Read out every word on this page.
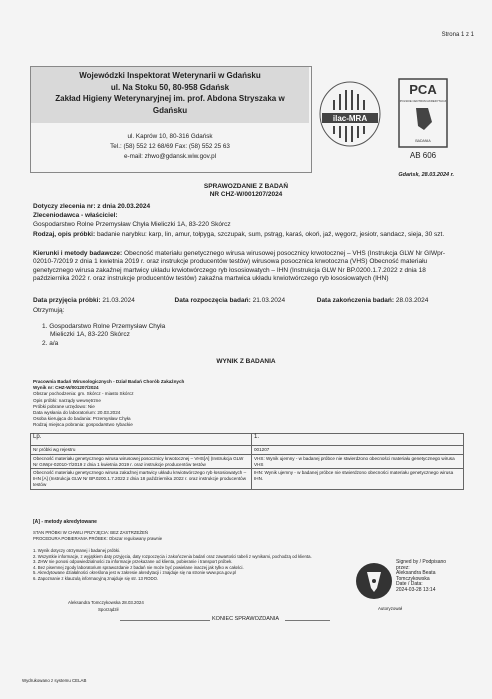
Strona 1 z 1
Wojewódzki Inspektorat Weterynarii w Gdańsku
ul. Na Stoku 50, 80-958 Gdańsk
Zakład Higieny Weterynaryjnej im. prof. Abdona Stryszaka w
Gdańsku
ul. Kaprów 10, 80-316 Gdańsk
Tel.: (58) 552 12 68/69 Fax: (58) 552 25 63
e-mail: zhwo@gdansk.wiw.gov.pl
ilac-MRA
PCA
POLSKIE CENTRUM AKREDYTACJI
BADANIA
AB 606
Gdańsk, 28.03.2024 r.
SPRAWOZDANIE Z BADAŃ
NR CHZ-W/001207/2024
Dotyczy zlecenia nr: z dnia 20.03.2024
Zleceniodawca - właściciel:
Gospodarstwo Rolne Przemysław Chyła Mieliczki 1A, 83-220 Skórcz
Rodzaj, opis próbki: badanie narybku: karp, lin, amur, tołpyga, szczupak, sum, pstrąg, karaś, okoń, jaź, węgorz, jesiotr, sandacz, sieja, 30 szt.
Kierunki i metody badawcze: Obecność materiału genetycznego wirusa wirusowej posocznicy krwotocznej – VHS (Instrukcja GLW Nr GIWpr-02010-7/2019 z dnia 1 kwietnia 2019 r. oraz instrukcje producentów testów) wirusowa posocznica krwotoczna (VHS) Obecność materiału genetycznego wirusa zakaźnej martwicy układu krwiotwórczego ryb łososiowatych – IHN (Instrukcja GLW Nr BP.0200.1.7.2022 z dnia 18 października 2022 r. oraz instrukcje producentów testów) zakaźna martwica układu krwiotwórczego ryb łososiowatych (IHN)
Data przyjęcia próbki: 21.03.2024	Data rozpoczęcia badań: 21.03.2024	Data zakończenia badań: 28.03.2024
Otrzymują:
1. Gospodarstwo Rolne Przemysław Chyła
Mieliczki 1A, 83-220 Skórcz
2. a/a
WYNIK Z BADANIA
Pracownia Badań Wirusologicznych - Dział Badań Chorób Zakaźnych
Wynik nr: CHZ-W/001207/2024
Obszar pochodzenia: gm. Skórcz - miasto Skórcz
Opis próbki: narządy wewnętrzne
Próbki pobrane urzędowo: Nie
Data wysłania do laboratorium: 20.03.2024
Osoba kierująca do badania: Przemysław Chyła
Rodzaj miejsca pobrania: gospodarstwo rybackie
Lp.	1.
Nr próbki wg rejestru	001207
Obecność materiału genetycznego wirusa wirusowej posocznicy krwotocznej – VHS[A] (Instrukcja GLW Nr GIWpr-02010-7/2019 z dnia 1 kwietnia 2019 r. oraz instrukcje producentów testów	VHS: Wynik ujemny - w badanej próbce nie stwierdzono obecności materiału genetycznego wirusa VHS
Obecność materiału genetycznego wirusa zakaźnej martwicy układu krwiotwórczego ryb łososiowatych – IHN [A] (Instrukcja GLW Nr BP.0200.1.7.2022 z dnia 18 października 2022 r. oraz instrukcje producentów testów	IHN: Wynik ujemny - w badanej próbce nie stwierdzono obecności materiału genetycznego wirusa IHN.
[A] - metody akredytowane
STAN PRÓBKI W CHWILI PRZYJĘCIA: BEZ ZASTRZEŻEŃ
PROCEDURA POBIERANIA PRÓBEK: Obszar regulowany prawnie
1. Wynik dotyczy otrzymanej i badanej próbki.
2. Wszystkie informacje, z wyjątkiem daty przyjęcia, daty rozpoczęcia i zakończenia badań oraz zawartości tabeli z wynikami, pochodzą od klienta.
3. ZHW nie ponosi odpowiedzialności za informacje przekazane od klienta, pobieranie i transport próbek.
4. Bez pisemnej zgody laboratorium sprawozdanie z badań nie może być powielane inaczej jak tylko w całości.
5. Akredytowane działalności określona jest w zakresie akredytacji i znajduje się na stronie www.pca.gov.pl
6. Zapoznanie z klauzulą informacyjną znajduje się str. 13 RODO.
Signed by / Podpisano
przez:
Aleksandra Beata
Tomczykowska
Date / Data:
2024-03-28 13:14
Aleksandra Tomczykowska 28.03.2024
Sporządził	Autoryzował
KONIEC SPRAWOZDANIA
Wydrukowano z systemu CELAB
